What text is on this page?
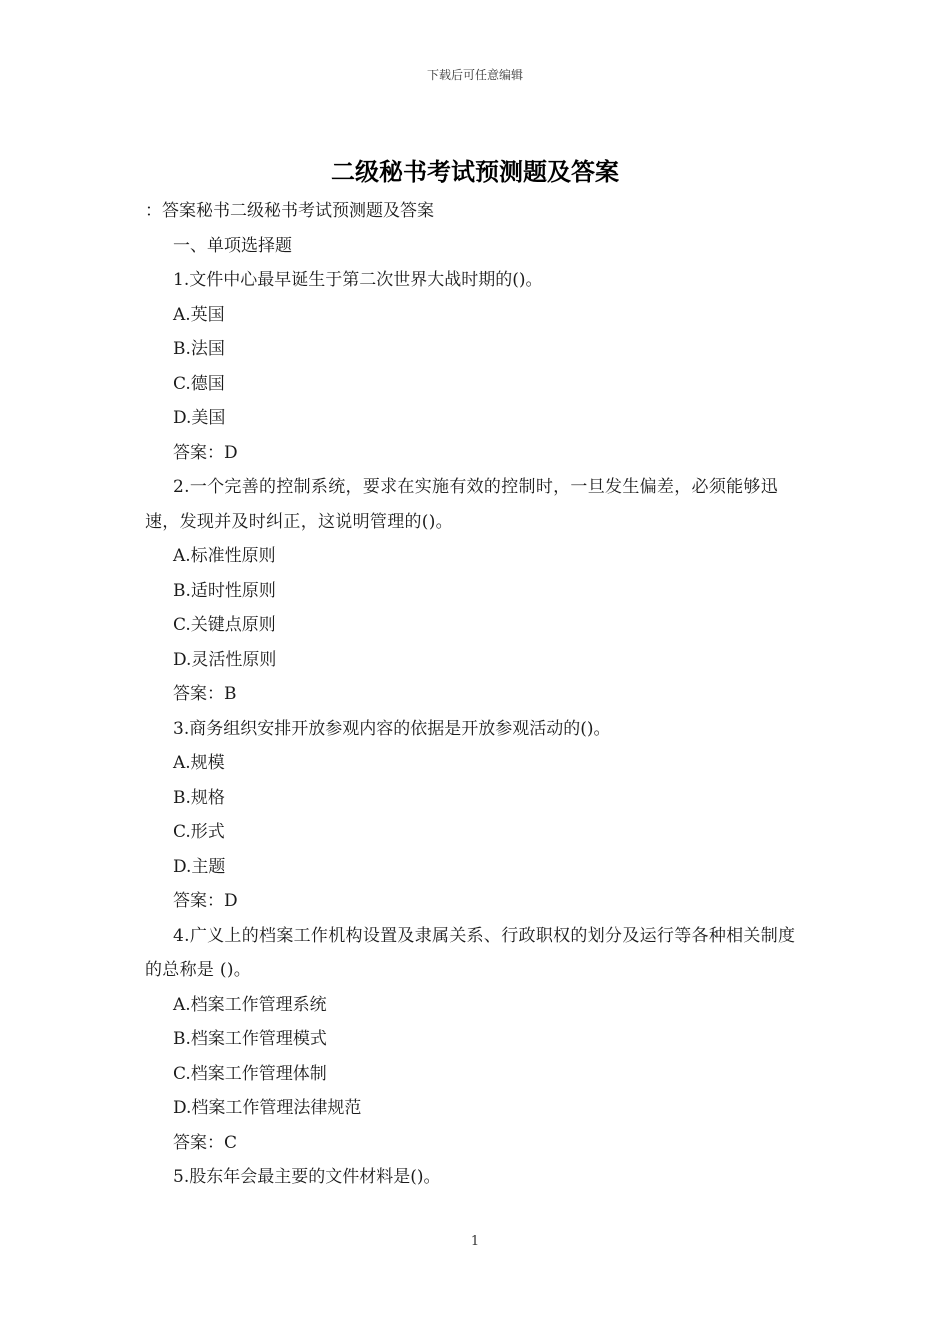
下载后可任意编辑
二级秘书考试预测题及答案
：答案秘书二级秘书考试预测题及答案
一、单项选择题
1.文件中心最早诞生于第二次世界大战时期的()。
A.英国
B.法国
C.德国
D.美国
答案：D
2.一个完善的控制系统，要求在实施有效的控制时，一旦发生偏差，必须能够迅速，发现并及时纠正，这说明管理的()。
A.标准性原则
B.适时性原则
C.关键点原则
D.灵活性原则
答案：B
3.商务组织安排开放参观内容的依据是开放参观活动的()。
A.规模
B.规格
C.形式
D.主题
答案：D
4.广义上的档案工作机构设置及隶属关系、行政职权的划分及运行等各种相关制度的总称是 ()。
A.档案工作管理系统
B.档案工作管理模式
C.档案工作管理体制
D.档案工作管理法律规范
答案：C
5.股东年会最主要的文件材料是()。
1
